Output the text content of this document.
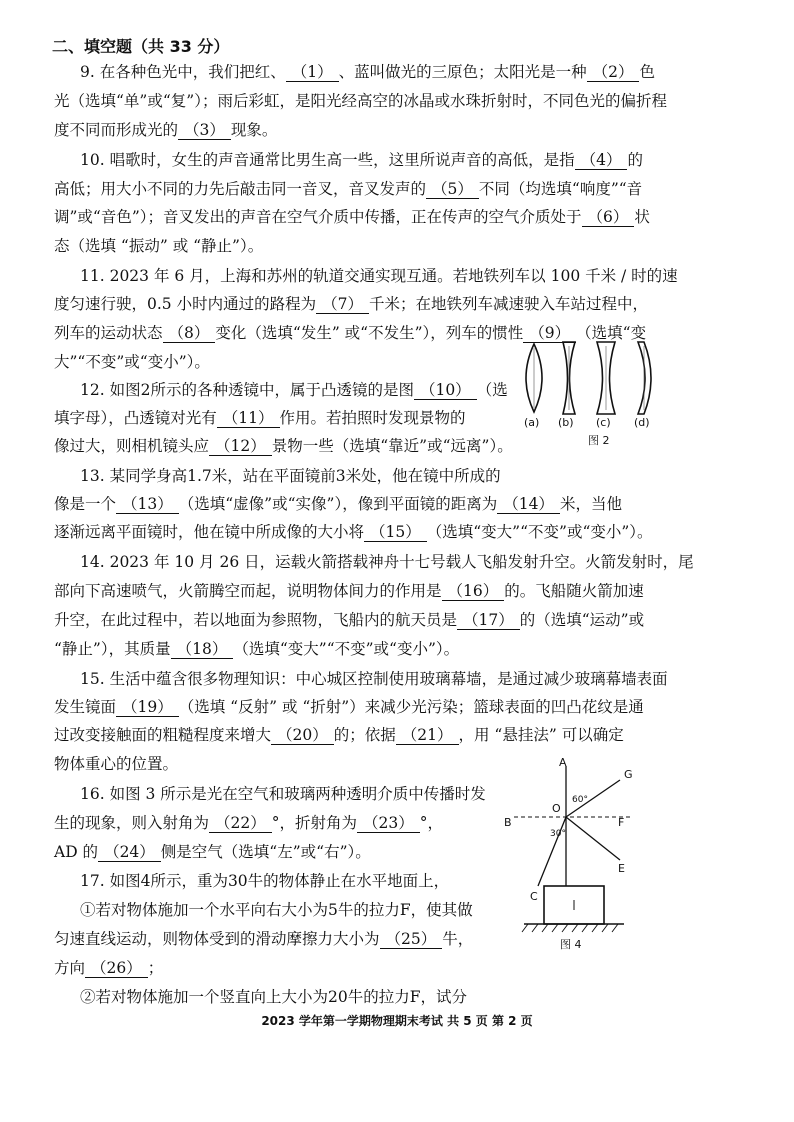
二、填空题（共 33 分）
9. 在各种色光中，我们把红、 （1） 、蓝叫做光的三原色；太阳光是一种 （2） 色
光（选填“单”或“复”）；雨后彩虹，是阳光经高空的冰晶或水珠折射时，不同色光的偏折程
度不同而形成光的 （3） 现象。
10. 唱歌时，女生的声音通常比男生高一些，这里所说声音的高低，是指 （4） 的
高低；用大小不同的力先后敲击同一音叉，音叉发声的 （5） 不同（均选填“响度”“音
调”或“音色”）；音叉发出的声音在空气介质中传播，正在传声的空气介质处于 （6） 状
态（选填 “振动” 或 “静止”）。
11. 2023 年 6 月，上海和苏州的轨道交通实现互通。若地铁列车以 100 千米 / 时的速
度匀速行驶，0.5 小时内通过的路程为 （7） 千米；在地铁列车减速驶入车站过程中，
列车的运动状态 （8） 变化（选填“发生” 或“不发生”），列车的惯性 （9） （选填“变
大”“不变”或“变小”）。
12. 如图2所示的各种透镜中，属于凸透镜的是图 （10） （选
填字母），凸透镜对光有 （11） 作用。若拍照时发现景物的
像过大，则相机镜头应 （12） 景物一些（选填“靠近”或“远离”）。
(a) (b) (c) (d)
图 2
13. 某同学身高1.7米，站在平面镜前3米处，他在镜中所成的
像是一个 （13） （选填“虚像”或“实像”），像到平面镜的距离为 （14） 米，当他
逐渐远离平面镜时，他在镜中所成像的大小将 （15） （选填“变大”“不变”或“变小”）。
14. 2023 年 10 月 26 日，运载火箭搭载神舟十七号载人飞船发射升空。火箭发射时，尾
部向下高速喷气，火箭腾空而起，说明物体间力的作用是 （16） 的。飞船随火箭加速
升空，在此过程中，若以地面为参照物，飞船内的航天员是 （17） 的（选填“运动”或
“静止”），其质量 （18） （选填“变大”“不变”或“变小”）。
15. 生活中蕴含很多物理知识：中心城区控制使用玻璃幕墙，是通过减少玻璃幕墙表面
发生镜面 （19） （选填 “反射” 或 “折射”）来减少光污染；篮球表面的凹凸花纹是通
过改变接触面的粗糙程度来增大 （20） 的；依据 （21） ，用 “悬挂法” 可以确定
物体重心的位置。
16. 如图 3 所示是光在空气和玻璃两种透明介质中传播时发
生的现象，则入射角为 （22） °，折射角为 （23） °，
AD 的 （24） 侧是空气（选填“左”或“右”）。
A
G
O
B	F
E
C
60°
30°
17. 如图4所示，重为30牛的物体静止在水平地面上，
①若对物体施加一个水平向右大小为5牛的拉力F，使其做
匀速直线运动，则物体受到的滑动摩擦力大小为 （25） 牛，
方向 （26） ；
图 4
②若对物体施加一个竖直向上大小为20牛的拉力F，试分
2023 学年第一学期物理期末考试 共 5 页 第 2 页
